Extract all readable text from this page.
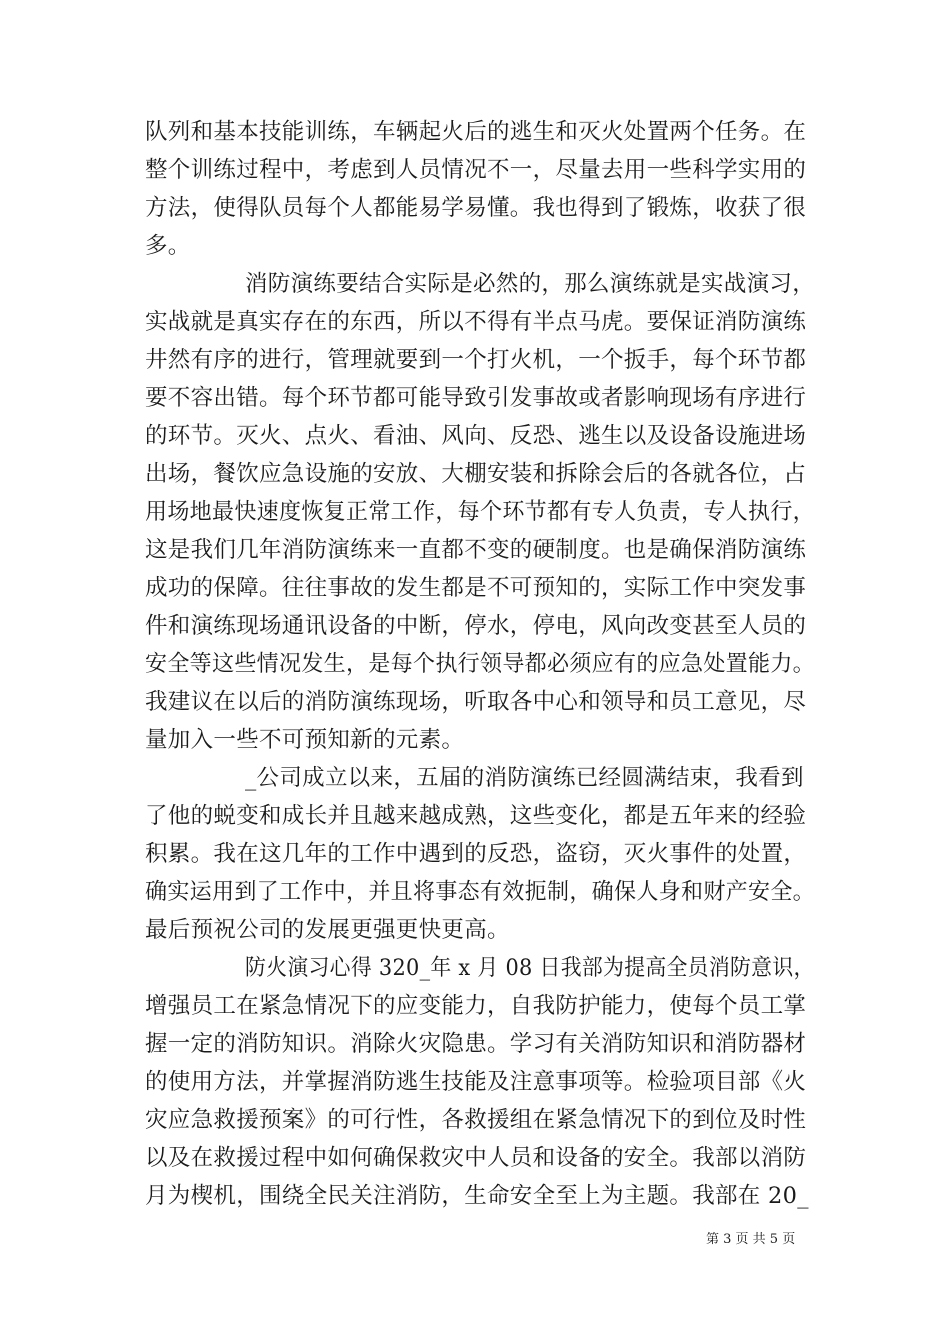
队列和基本技能训练，车辆起火后的逃生和灭火处置两个任务。在
整个训练过程中，考虑到人员情况不一，尽量去用一些科学实用的
方法，使得队员每个人都能易学易懂。我也得到了锻炼，收获了很
多。
消防演练要结合实际是必然的，那么演练就是实战演习，
实战就是真实存在的东西，所以不得有半点马虎。要保证消防演练
井然有序的进行，管理就要到一个打火机，一个扳手，每个环节都
要不容出错。每个环节都可能导致引发事故或者影响现场有序进行
的环节。灭火、点火、看油、风向、反恐、逃生以及设备设施进场
出场，餐饮应急设施的安放、大棚安装和拆除会后的各就各位，占
用场地最快速度恢复正常工作，每个环节都有专人负责，专人执行，
这是我们几年消防演练来一直都不变的硬制度。也是确保消防演练
成功的保障。往往事故的发生都是不可预知的，实际工作中突发事
件和演练现场通讯设备的中断，停水，停电，风向改变甚至人员的
安全等这些情况发生，是每个执行领导都必须应有的应急处置能力。
我建议在以后的消防演练现场，听取各中心和领导和员工意见，尽
量加入一些不可预知新的元素。
_公司成立以来，五届的消防演练已经圆满结束，我看到
了他的蜕变和成长并且越来越成熟，这些变化，都是五年来的经验
积累。我在这几年的工作中遇到的反恐，盗窃，灭火事件的处置，
确实运用到了工作中，并且将事态有效扼制，确保人身和财产安全。
最后预祝公司的发展更强更快更高。
防火演习心得 320_年 x 月 08 日我部为提高全员消防意识，
增强员工在紧急情况下的应变能力，自我防护能力，使每个员工掌
握一定的消防知识。消除火灾隐患。学习有关消防知识和消防器材
的使用方法，并掌握消防逃生技能及注意事项等。检验项目部《火
灾应急救援预案》的可行性，各救援组在紧急情况下的到位及时性
以及在救援过程中如何确保救灾中人员和设备的安全。我部以消防
月为楔机，围绕全民关注消防，生命安全至上为主题。我部在 20_
第 3 页 共 5 页
